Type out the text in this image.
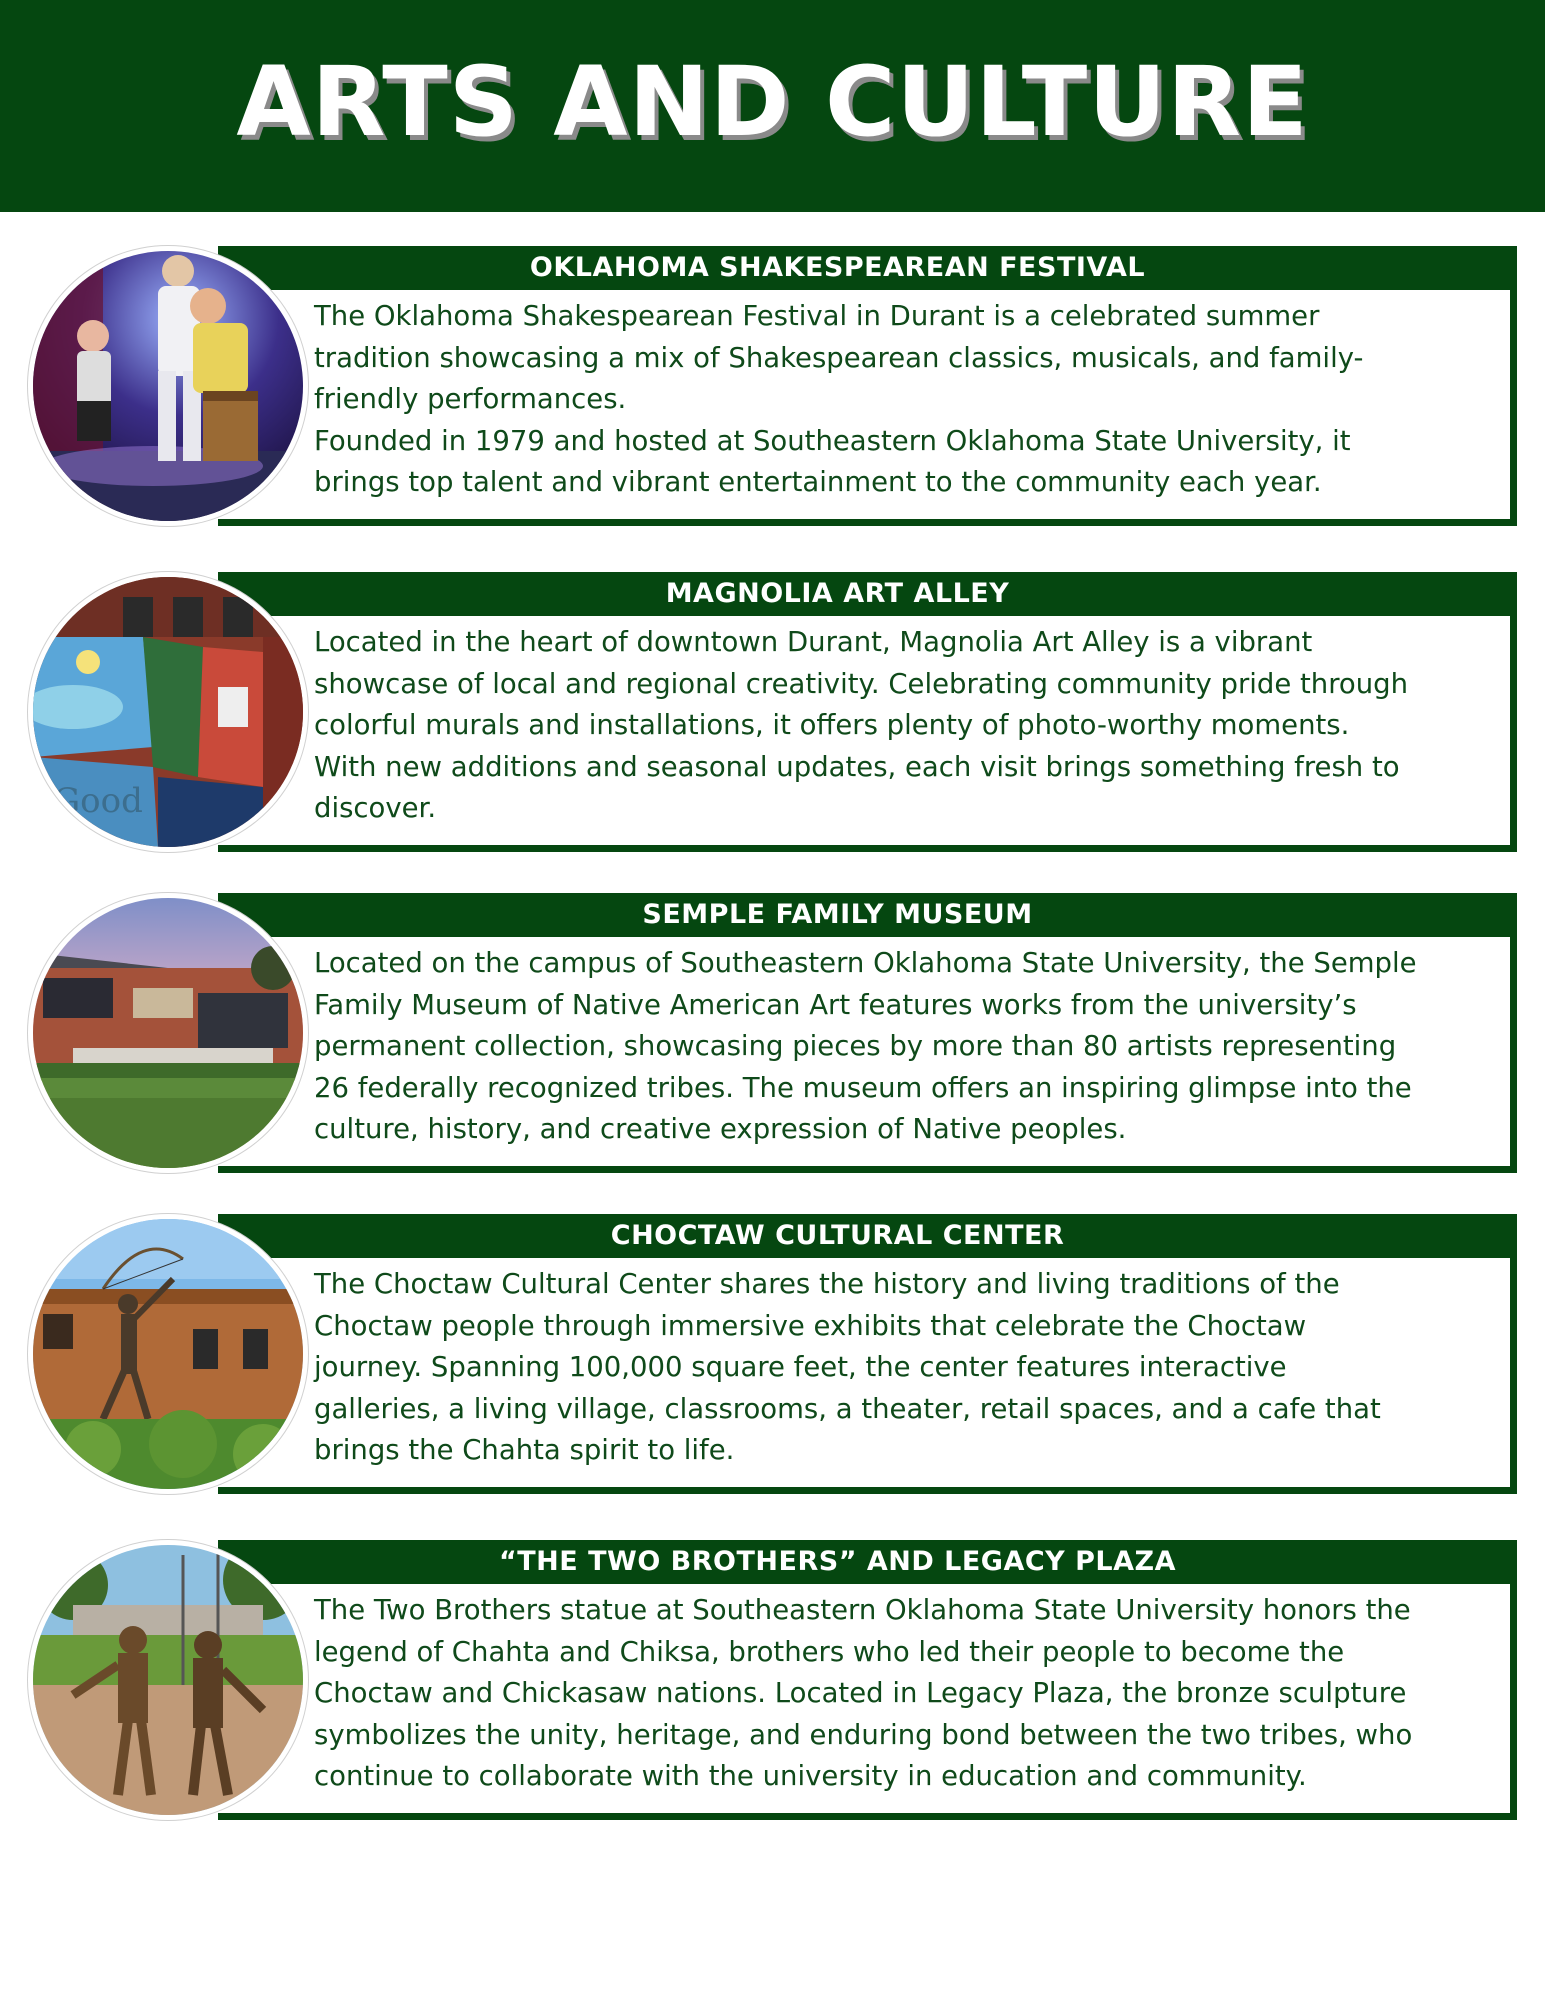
ARTS AND CULTURE
OKLAHOMA SHAKESPEAREAN FESTIVAL

The Oklahoma Shakespearean Festival in Durant is a celebrated summer
tradition showcasing a mix of Shakespearean classics, musicals, and family-
friendly performances.
Founded in 1979 and hosted at Southeastern Oklahoma State University, it
brings top talent and vibrant entertainment to the community each year.

MAGNOLIA ART ALLEY

Located in the heart of downtown Durant, Magnolia Art Alley is a vibrant
showcase of local and regional creativity. Celebrating community pride through
colorful murals and installations, it offers plenty of photo-worthy moments.
With new additions and seasonal updates, each visit brings something fresh to
discover.

Good
SEMPLE FAMILY MUSEUM

Located on the campus of Southeastern Oklahoma State University, the Semple
Family Museum of Native American Art features works from the university’s
permanent collection, showcasing pieces by more than 80 artists representing
26 federally recognized tribes. The museum offers an inspiring glimpse into the
culture, history, and creative expression of Native peoples.

CHOCTAW CULTURAL CENTER

The Choctaw Cultural Center shares the history and living traditions of the
Choctaw people through immersive exhibits that celebrate the Choctaw
journey. Spanning 100,000 square feet, the center features interactive
galleries, a living village, classrooms, a theater, retail spaces, and a cafe that
brings the Chahta spirit to life.

“THE TWO BROTHERS” AND LEGACY PLAZA

The Two Brothers statue at Southeastern Oklahoma State University honors the
legend of Chahta and Chiksa, brothers who led their people to become the
Choctaw and Chickasaw nations. Located in Legacy Plaza, the bronze sculpture
symbolizes the unity, heritage, and enduring bond between the two tribes, who
continue to collaborate with the university in education and community.
